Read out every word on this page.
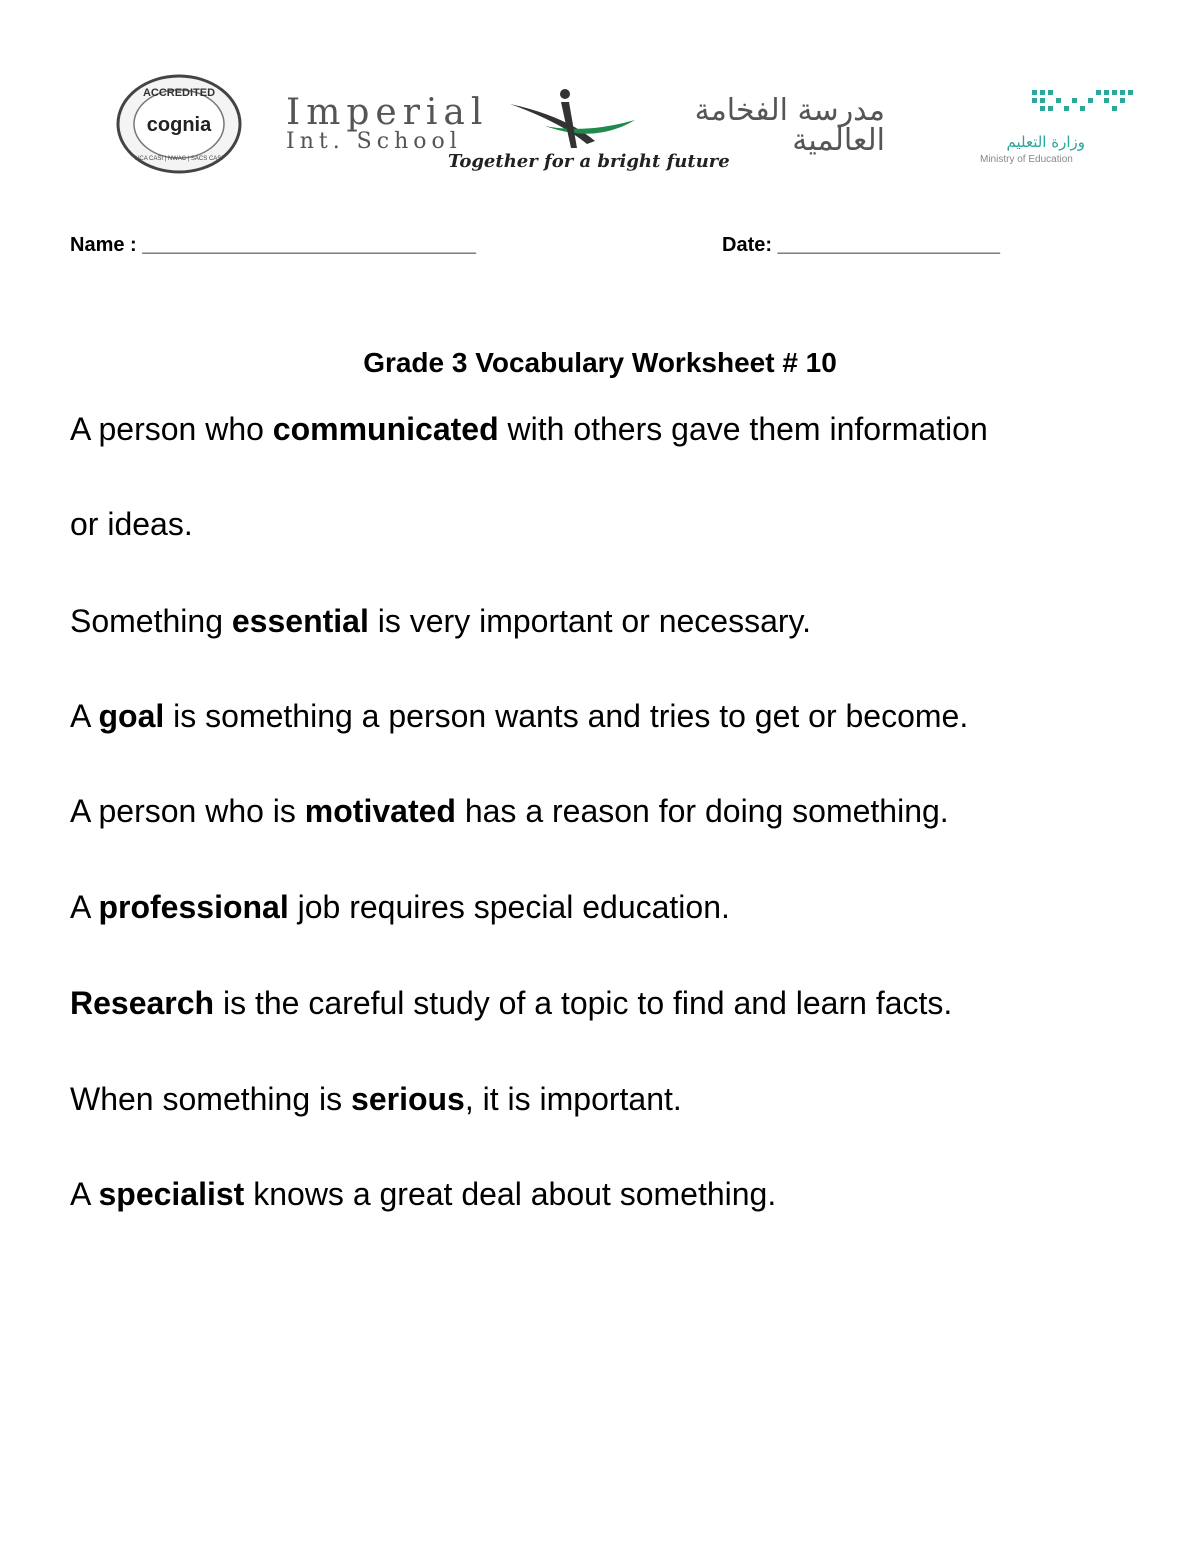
ACCREDITED
cognia
NCA CASI | NWAC | SACS CASI
Imperial
Int. School
مدرسة الفخامة
العالمية
Together for a bright future
وزارة التعليم
Ministry of Education
Name : ______________________________	Date: ____________________
Grade 3 Vocabulary Worksheet # 10
A person who communicated with others gave them information
or ideas.
Something essential is very important or necessary.
A goal is something a person wants and tries to get or become.
A person who is motivated has a reason for doing something.
A professional job requires special education.
Research is the careful study of a topic to find and learn facts.
When something is serious, it is important.
A specialist knows a great deal about something.
